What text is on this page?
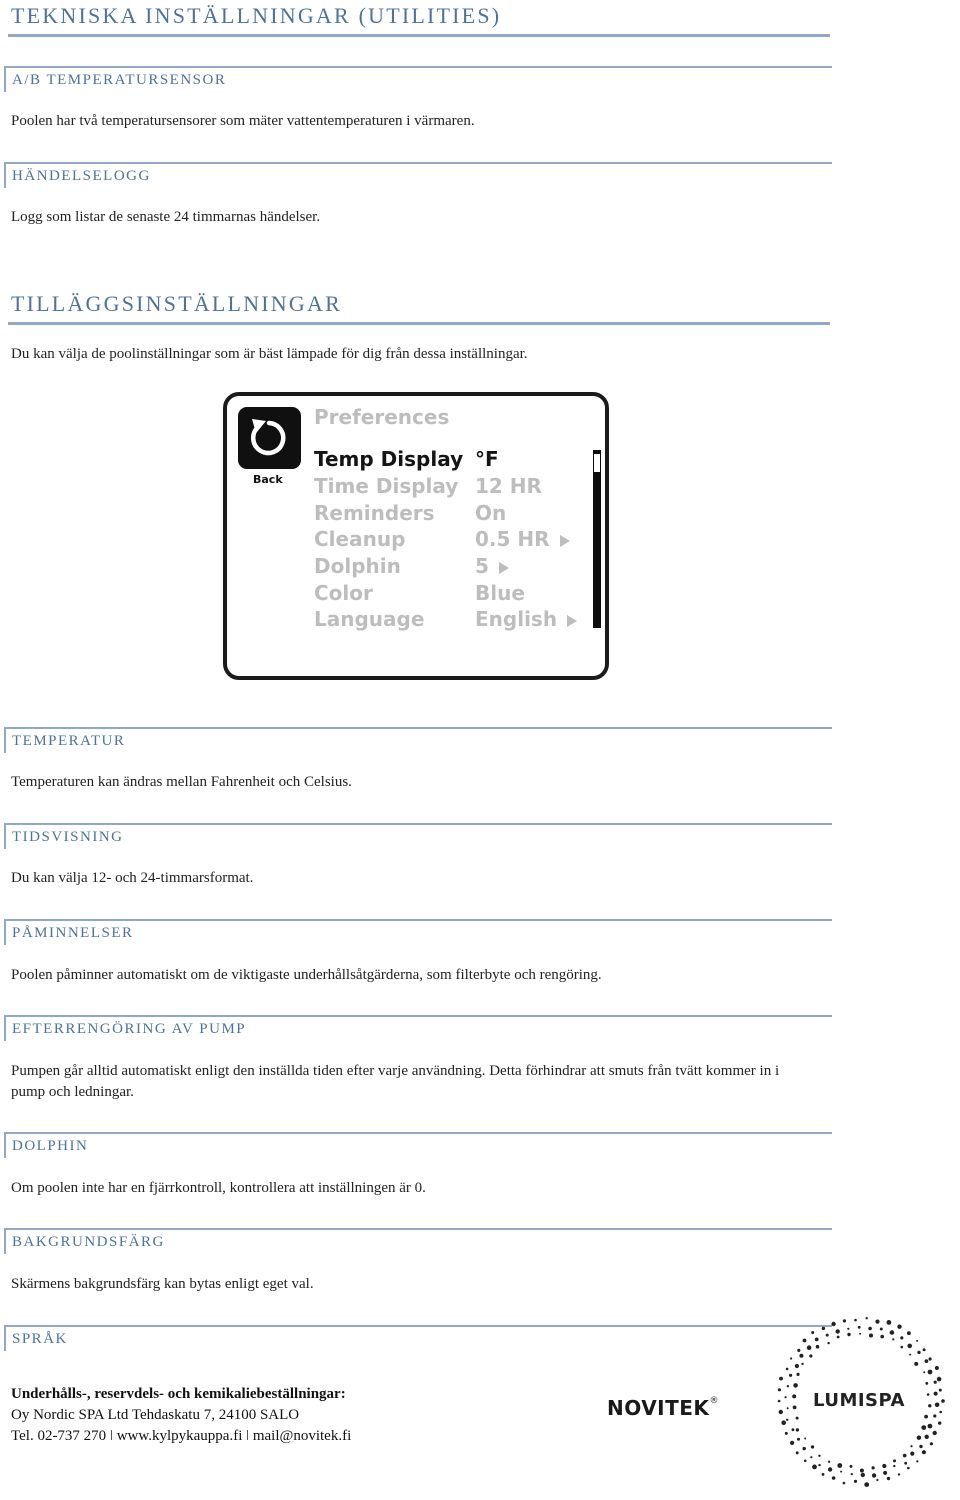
TEKNISKA INSTÄLLNINGAR (UTILITIES)
A/B TEMPERATURSENSOR
Poolen har två temperatursensorer som mäter vattentemperaturen i värmaren.
HÄNDELSELOGG
Logg som listar de senaste 24 timmarnas händelser.
TILLÄGGSINSTÄLLNINGAR
Du kan välja de poolinställningar som är bäst lämpade för dig från dessa inställningar.
Back
Preferences
Temp Display °F
Time Display 12 HR
Reminders On
Cleanup	0.5 HR
Dolphin	5
Color	Blue
Language	English
TEMPERATUR
Temperaturen kan ändras mellan Fahrenheit och Celsius.
TIDSVISNING
Du kan välja 12- och 24-timmarsformat.
PÅMINNELSER
Poolen påminner automatiskt om de viktigaste underhållsåtgärderna, som filterbyte och rengöring.
EFTERRENGÖRING AV PUMP
Pumpen går alltid automatiskt enligt den inställda tiden efter varje användning. Detta förhindrar att smuts från tvätt kommer in i
pump och ledningar.
DOLPHIN
Om poolen inte har en fjärrkontroll, kontrollera att inställningen är 0.
BAKGRUNDSFÄRG
Skärmens bakgrundsfärg kan bytas enligt eget val.
SPRÅK
Underhålls-, reservdels- och kemikaliebeställningar:
Oy Nordic SPA Ltd Tehdaskatu 7, 24100 SALO
Tel. 02-737 270 ǀ www.kylpykauppa.fi ǀ mail@novitek.fi
NOVITEK®	LUMISPA
